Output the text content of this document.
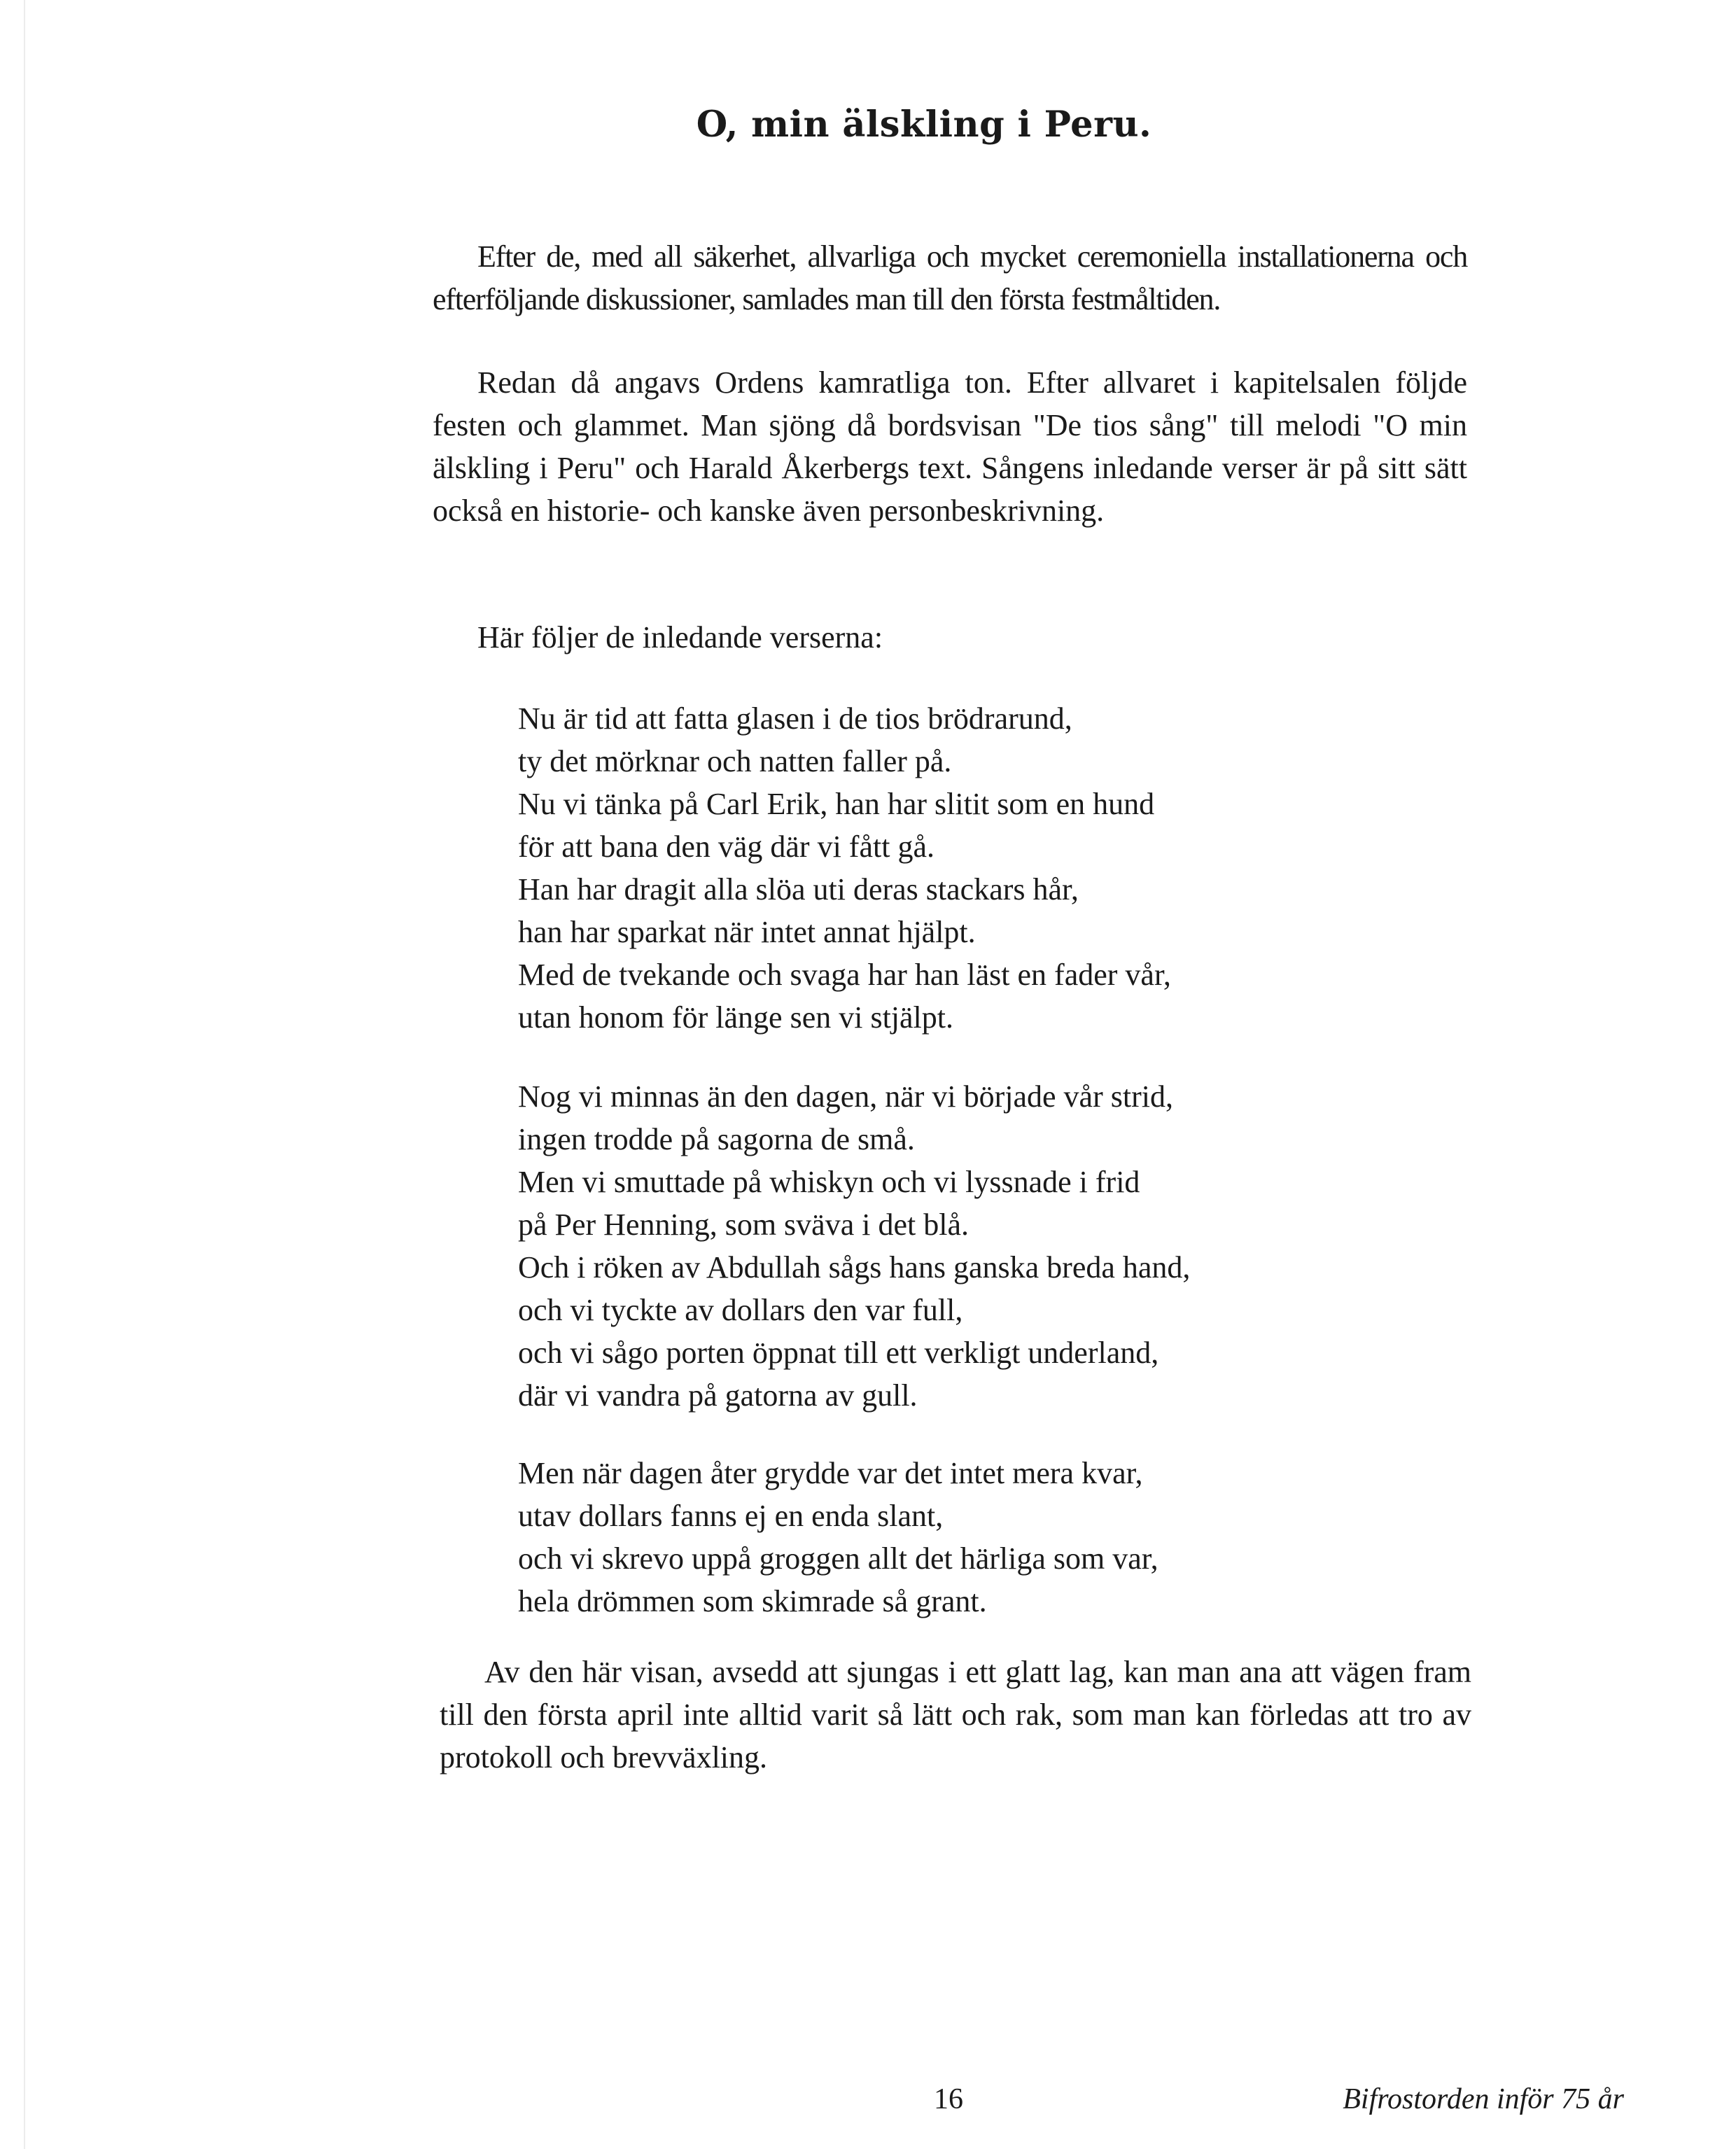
O, min älskling i Peru.

Efter de, med all säkerhet, allvarliga och mycket ceremoniella installationerna och efterföljande diskussioner, samlades man till den första festmåltiden.

Redan då angavs Ordens kamratliga ton. Efter allvaret i kapitelsalen följde festen och glammet. Man sjöng då bordsvisan "De tios sång" till melodi "O min älskling i Peru" och Harald Åkerbergs text. Sångens inledande verser är på sitt sätt också en historie- och kanske även personbeskrivning.

Här följer de inledande verserna:

Nu är tid att fatta glasen i de tios brödrarund,
ty det mörknar och natten faller på.
Nu vi tänka på Carl Erik, han har slitit som en hund
för att bana den väg där vi fått gå.
Han har dragit alla slöa uti deras stackars hår,
han har sparkat när intet annat hjälpt.
Med de tvekande och svaga har han läst en fader vår,
utan honom för länge sen vi stjälpt.
Nog vi minnas än den dagen, när vi började vår strid,
ingen trodde på sagorna de små.
Men vi smuttade på whiskyn och vi lyssnade i frid
på Per Henning, som sväva i det blå.
Och i röken av Abdullah sågs hans ganska breda hand,
och vi tyckte av dollars den var full,
och vi sågo porten öppnat till ett verkligt underland,
där vi vandra på gatorna av gull.
Men när dagen åter grydde var det intet mera kvar,
utav dollars fanns ej en enda slant,
och vi skrevo uppå groggen allt det härliga som var,
hela drömmen som skimrade så grant.

Av den här visan, avsedd att sjungas i ett glatt lag, kan man ana att vägen fram till den första april inte alltid varit så lätt och rak, som man kan förledas att tro av protokoll och brevväxling.

16	Bifrostorden inför 75 år
